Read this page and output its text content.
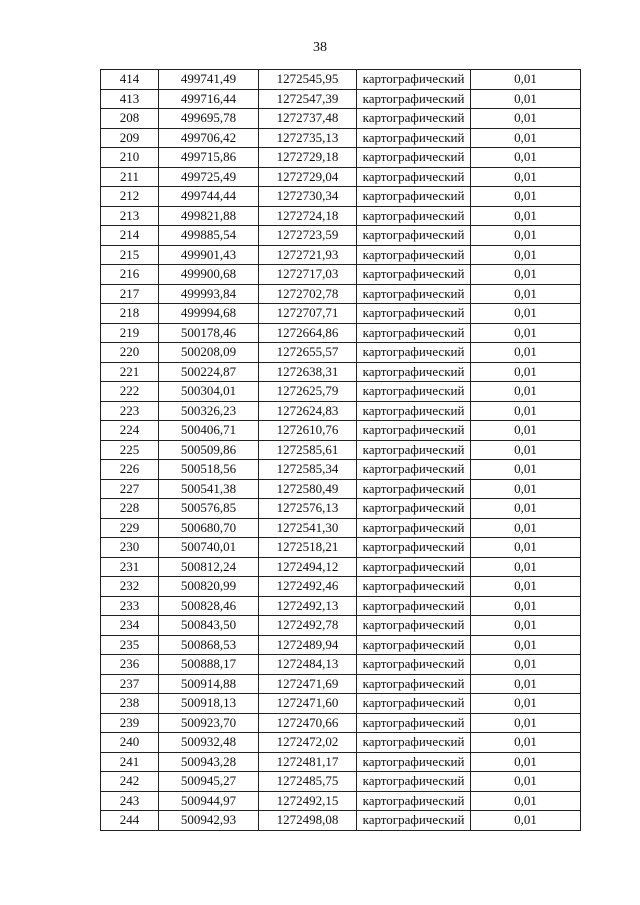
38
414	499741,49	1272545,95	картографический	0,01
413	499716,44	1272547,39	картографический	0,01
208	499695,78	1272737,48	картографический	0,01
209	499706,42	1272735,13	картографический	0,01
210	499715,86	1272729,18	картографический	0,01
211	499725,49	1272729,04	картографический	0,01
212	499744,44	1272730,34	картографический	0,01
213	499821,88	1272724,18	картографический	0,01
214	499885,54	1272723,59	картографический	0,01
215	499901,43	1272721,93	картографический	0,01
216	499900,68	1272717,03	картографический	0,01
217	499993,84	1272702,78	картографический	0,01
218	499994,68	1272707,71	картографический	0,01
219	500178,46	1272664,86	картографический	0,01
220	500208,09	1272655,57	картографический	0,01
221	500224,87	1272638,31	картографический	0,01
222	500304,01	1272625,79	картографический	0,01
223	500326,23	1272624,83	картографический	0,01
224	500406,71	1272610,76	картографический	0,01
225	500509,86	1272585,61	картографический	0,01
226	500518,56	1272585,34	картографический	0,01
227	500541,38	1272580,49	картографический	0,01
228	500576,85	1272576,13	картографический	0,01
229	500680,70	1272541,30	картографический	0,01
230	500740,01	1272518,21	картографический	0,01
231	500812,24	1272494,12	картографический	0,01
232	500820,99	1272492,46	картографический	0,01
233	500828,46	1272492,13	картографический	0,01
234	500843,50	1272492,78	картографический	0,01
235	500868,53	1272489,94	картографический	0,01
236	500888,17	1272484,13	картографический	0,01
237	500914,88	1272471,69	картографический	0,01
238	500918,13	1272471,60	картографический	0,01
239	500923,70	1272470,66	картографический	0,01
240	500932,48	1272472,02	картографический	0,01
241	500943,28	1272481,17	картографический	0,01
242	500945,27	1272485,75	картографический	0,01
243	500944,97	1272492,15	картографический	0,01
244	500942,93	1272498,08	картографический	0,01
